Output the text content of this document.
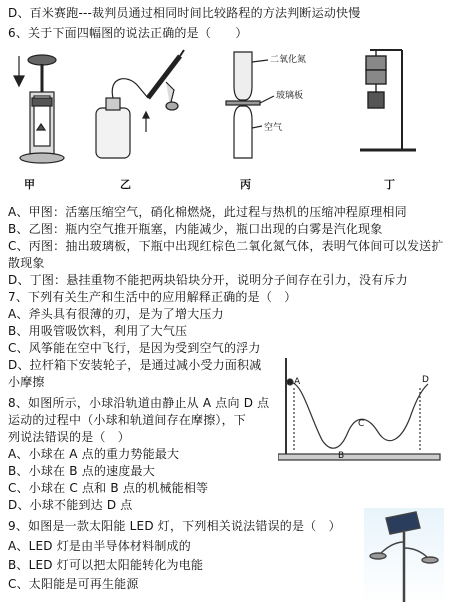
D、百米赛跑---裁判员通过相同时间比较路程的方法判断运动快慢
6、关于下面四幅图的说法正确的是（　　）
二氧化氮
玻璃板
空气
甲	乙	丙	丁
A、甲图：活塞压缩空气，硝化棉燃烧，此过程与热机的压缩冲程原理相同
B、乙图：瓶内空气推开瓶塞，内能减少，瓶口出现的白雾是汽化现象
C、丙图：抽出玻璃板，下瓶中出现红棕色二氧化氮气体，表明气体间可以发送扩
散现象
D、丁图：悬挂重物不能把两块铅块分开，说明分子间存在引力，没有斥力
7、下列有关生产和生活中的应用解释正确的是（　）
A、斧头具有很薄的刃，是为了增大压力
B、用吸管吸饮料，利用了大气压
C、风筝能在空中飞行，是因为受到空气的浮力
D、拉杆箱下安装轮子，是通过减小受力面积减
小摩擦
8、如图所示，小球沿轨道由静止从 A 点向 D 点
运动的过程中（小球和轨道间存在摩擦），下
列说法错误的是（　）
A、小球在 A 点的重力势能最大
B、小球在 B 点的速度最大
C、小球在 C 点和 B 点的机械能相等
D、小球不能到达 D 点
A
B
C
D
9、如图是一款太阳能 LED 灯，下列相关说法错误的是（　）
A、LED 灯是由半导体材料制成的
B、LED 灯可以把太阳能转化为电能
C、太阳能是可再生能源
